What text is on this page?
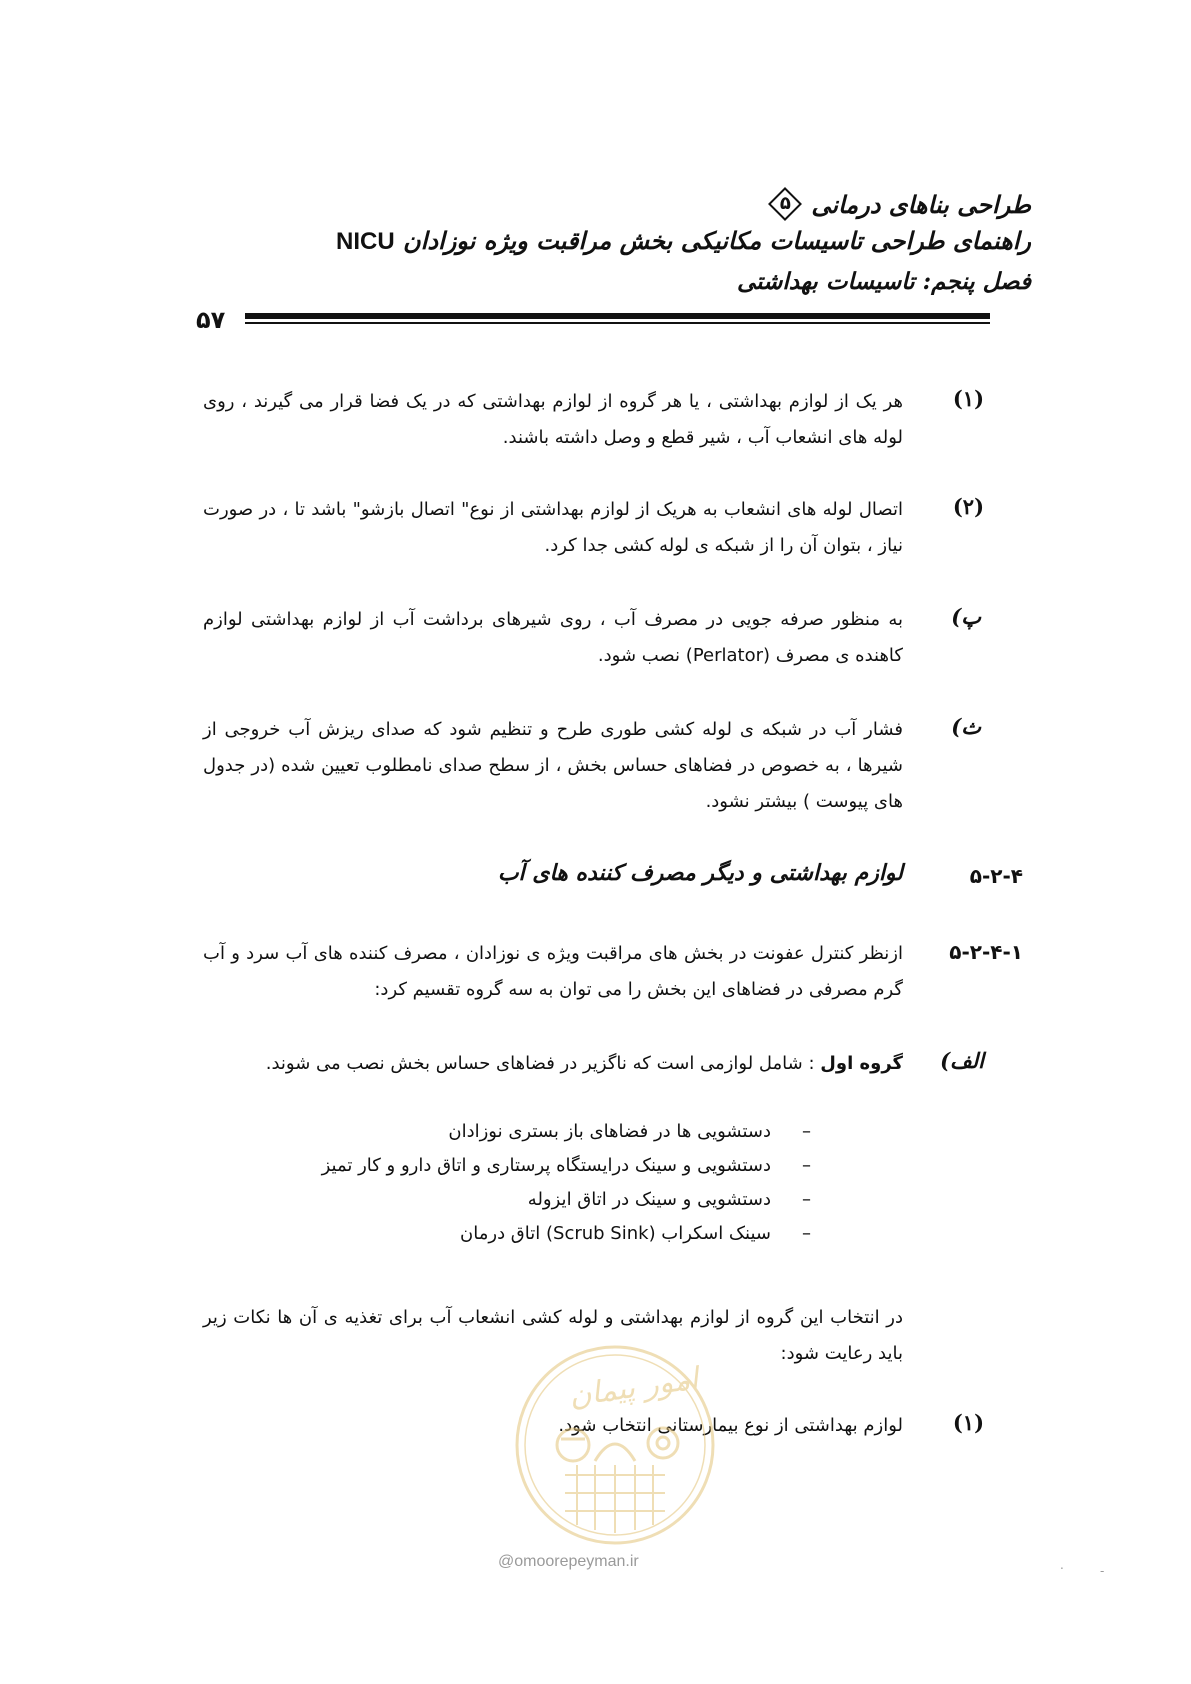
طراحی بناهای درمانی
۵
راهنمای طراحی تاسیسات مکانیکی بخش مراقبت ویژه نوزادان NICU
فصل پنجم: تاسیسات بهداشتی
۵۷
(۱)
هر یک از لوازم بهداشتی ، یا هر گروه از لوازم بهداشتی که در یک فضا قرار می گیرند ، روی لوله های انشعاب آب ، شیر قطع و وصل داشته باشند.
(۲)
اتصال لوله های انشعاب به هریک از لوازم بهداشتی از نوع" اتصال بازشو" باشد تا ، در صورت نیاز ، بتوان آن را از شبکه ی لوله کشی جدا کرد.
پ)
به منظور صرفه جویی در مصرف آب ، روی شیرهای برداشت آب از لوازم بهداشتی لوازم کاهنده ی مصرف (Perlator) نصب شود.
ث)
فشار آب در شبکه ی لوله کشی طوری طرح و تنظیم شود که صدای ریزش آب خروجی از شیرها ، به خصوص در فضاهای حساس بخش ، از سطح صدای نامطلوب تعیین شده (در جدول های پیوست ) بیشتر نشود.
۵-۲-۴
لوازم بهداشتی و دیگر مصرف کننده های آب
۵-۲-۴-۱
ازنظر کنترل عفونت در بخش های مراقبت ویژه ی نوزادان ، مصرف کننده های آب سرد و آب گرم مصرفی در فضاهای این بخش را می توان به سه گروه تقسیم کرد:
الف)
گروه اول : شامل لوازمی است که ناگزیر در فضاهای حساس بخش نصب می شوند.
–دستشویی ها در فضاهای باز بستری نوزادان
–دستشویی و سینک درایستگاه پرستاری و اتاق دارو و کار تمیز
–دستشویی و سینک در اتاق ایزوله
–سینک اسکراب (Scrub Sink) اتاق درمان
در انتخاب این گروه از لوازم بهداشتی و لوله کشی انشعاب آب برای تغذیه ی آن ها نکات زیر باید رعایت شود:
(۱)
لوازم بهداشتی از نوع بیمارستانی انتخاب شود.
امور پیمان
@omoorepeyman.ir	.	-
